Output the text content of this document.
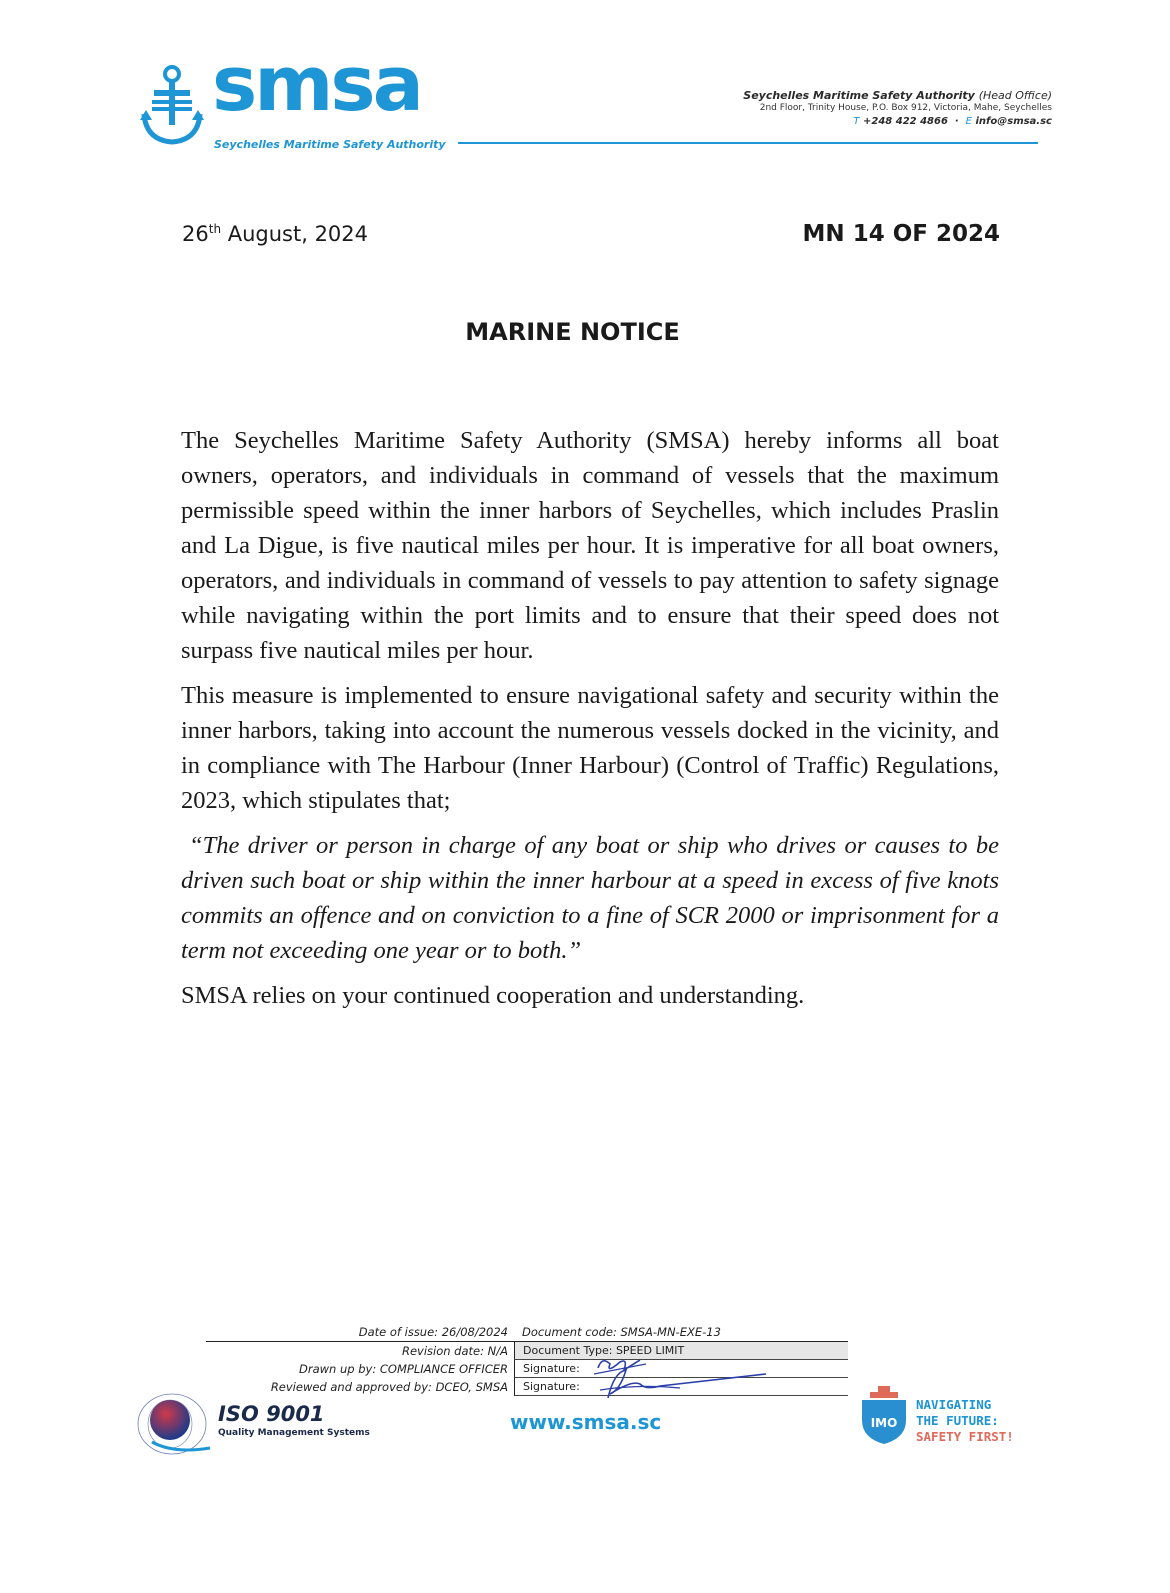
smsa
Seychelles Maritime Safety Authority
Seychelles Maritime Safety Authority (Head Office)
2nd Floor, Trinity House, P.O. Box 912, Victoria, Mahe, Seychelles
T +248 422 4866  ·  E info@smsa.sc
26th August, 2024	MN 14 OF 2024
MARINE NOTICE

The Seychelles Maritime Safety Authority (SMSA) hereby informs all boat owners, operators, and individuals in command of vessels that the maximum permissible speed within the inner harbors of Seychelles, which includes Praslin and La Digue, is five nautical miles per hour. It is imperative for all boat owners, operators, and individuals in command of vessels to pay attention to safety signage while navigating within the port limits and to ensure that their speed does not surpass five nautical miles per hour.

This measure is implemented to ensure navigational safety and security within the inner harbors, taking into account the numerous vessels docked in the vicinity, and in compliance with The Harbour (Inner Harbour) (Control of Traffic) Regulations, 2023, which stipulates that;

“The driver or person in charge of any boat or ship who drives or causes to be driven such boat or ship within the inner harbour at a speed in excess of five knots commits an offence and on conviction to a fine of SCR 2000 or imprisonment for a term not exceeding one year or to both.”

SMSA relies on your continued cooperation and understanding.

Date of issue: 26/08/2024	Document code: SMSA-MN-EXE-13
Revision date: N/A	Document Type: SPEED LIMIT
Drawn up by: COMPLIANCE OFFICER	Signature:
Reviewed and approved by: DCEO, SMSA	Signature:
www.smsa.sc
ISO 9001
Quality Management Systems
IMO
NAVIGATING
THE FUTURE:
SAFETY FIRST!
